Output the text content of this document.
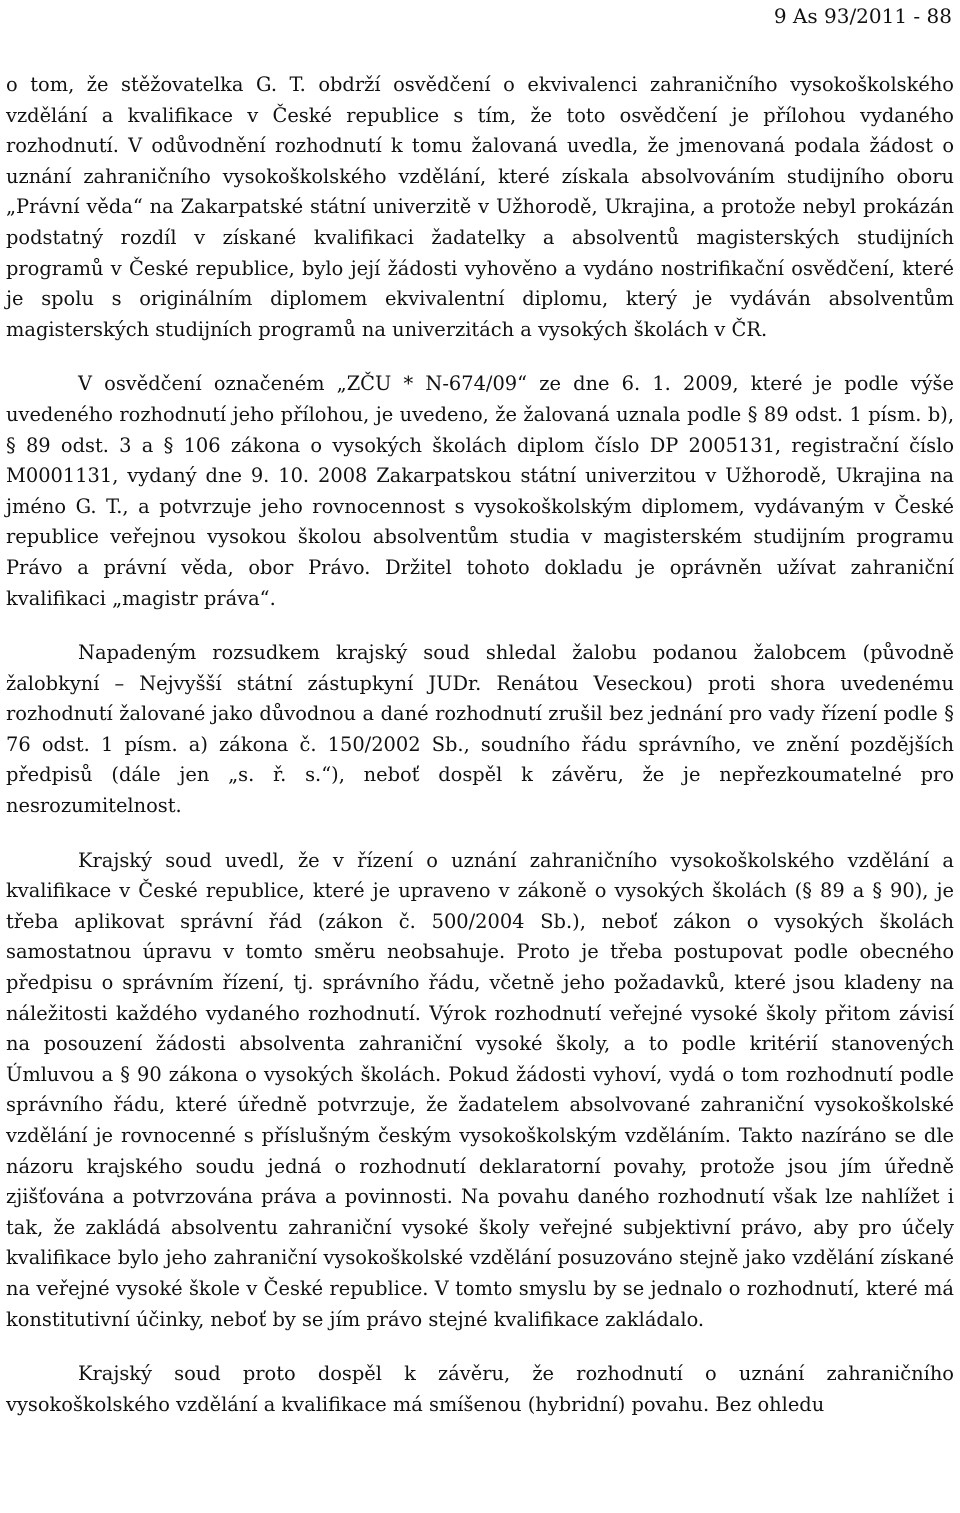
9 As 93/2011 - 88

o tom, že stěžovatelka G. T. obdrží osvědčení o ekvivalenci zahraničního vysokoškolského vzdělání a kvalifikace v České republice s tím, že toto osvědčení je přílohou vydaného rozhodnutí. V odůvodnění rozhodnutí k tomu žalovaná uvedla, že jmenovaná podala žádost o uznání zahraničního vysokoškolského vzdělání, které získala absolvováním studijního oboru „Právní věda“ na Zakarpatské státní univerzitě v Užhorodě, Ukrajina, a protože nebyl prokázán podstatný rozdíl v získané kvalifikaci žadatelky a absolventů magisterských studijních programů v České republice, bylo její žádosti vyhověno a vydáno nostrifikační osvědčení, které je spolu s originálním diplomem ekvivalentní diplomu, který je vydáván absolventům magisterských studijních programů na univerzitách a vysokých školách v ČR.

V osvědčení označeném „ZČU * N-674/09“ ze dne 6. 1. 2009, které je podle výše uvedeného rozhodnutí jeho přílohou, je uvedeno, že žalovaná uznala podle § 89 odst. 1 písm. b), § 89 odst. 3 a § 106 zákona o vysokých školách diplom číslo DP 2005131, registrační číslo M0001131, vydaný dne 9. 10. 2008 Zakarpatskou státní univerzitou v Užhorodě, Ukrajina na jméno G. T., a potvrzuje jeho rovnocennost s vysokoškolským diplomem, vydávaným v České republice veřejnou vysokou školou absolventům studia v magisterském studijním programu Právo a právní věda, obor Právo. Držitel tohoto dokladu je oprávněn užívat zahraniční kvalifikaci „magistr práva“.

Napadeným rozsudkem krajský soud shledal žalobu podanou žalobcem (původně žalobkyní – Nejvyšší státní zástupkyní JUDr. Renátou Veseckou) proti shora uvedenému rozhodnutí žalované jako důvodnou a dané rozhodnutí zrušil bez jednání pro vady řízení podle § 76 odst. 1 písm. a) zákona č. 150/2002 Sb., soudního řádu správního, ve znění pozdějších předpisů (dále jen „s. ř. s.“), neboť dospěl k závěru, že je nepřezkoumatelné pro nesrozumitelnost.

Krajský soud uvedl, že v řízení o uznání zahraničního vysokoškolského vzdělání a kvalifikace v České republice, které je upraveno v zákoně o vysokých školách (§ 89 a § 90), je třeba aplikovat správní řád (zákon č. 500/2004 Sb.), neboť zákon o vysokých školách samostatnou úpravu v tomto směru neobsahuje. Proto je třeba postupovat podle obecného předpisu o správním řízení, tj. správního řádu, včetně jeho požadavků, které jsou kladeny na náležitosti každého vydaného rozhodnutí. Výrok rozhodnutí veřejné vysoké školy přitom závisí na posouzení žádosti absolventa zahraniční vysoké školy, a to podle kritérií stanovených Úmluvou a § 90 zákona o vysokých školách. Pokud žádosti vyhoví, vydá o tom rozhodnutí podle správního řádu, které úředně potvrzuje, že žadatelem absolvované zahraniční vysokoškolské vzdělání je rovnocenné s příslušným českým vysokoškolským vzděláním. Takto nazíráno se dle názoru krajského soudu jedná o rozhodnutí deklaratorní povahy, protože jsou jím úředně zjišťována a potvrzována práva a povinnosti. Na povahu daného rozhodnutí však lze nahlížet i tak, že zakládá absolventu zahraniční vysoké školy veřejné subjektivní právo, aby pro účely kvalifikace bylo jeho zahraniční vysokoškolské vzdělání posuzováno stejně jako vzdělání získané na veřejné vysoké škole v České republice. V tomto smyslu by se jednalo o rozhodnutí, které má konstitutivní účinky, neboť by se jím právo stejné kvalifikace zakládalo.

Krajský soud proto dospěl k závěru, že rozhodnutí o uznání zahraničního vysokoškolského vzdělání a kvalifikace má smíšenou (hybridní) povahu. Bez ohledu
